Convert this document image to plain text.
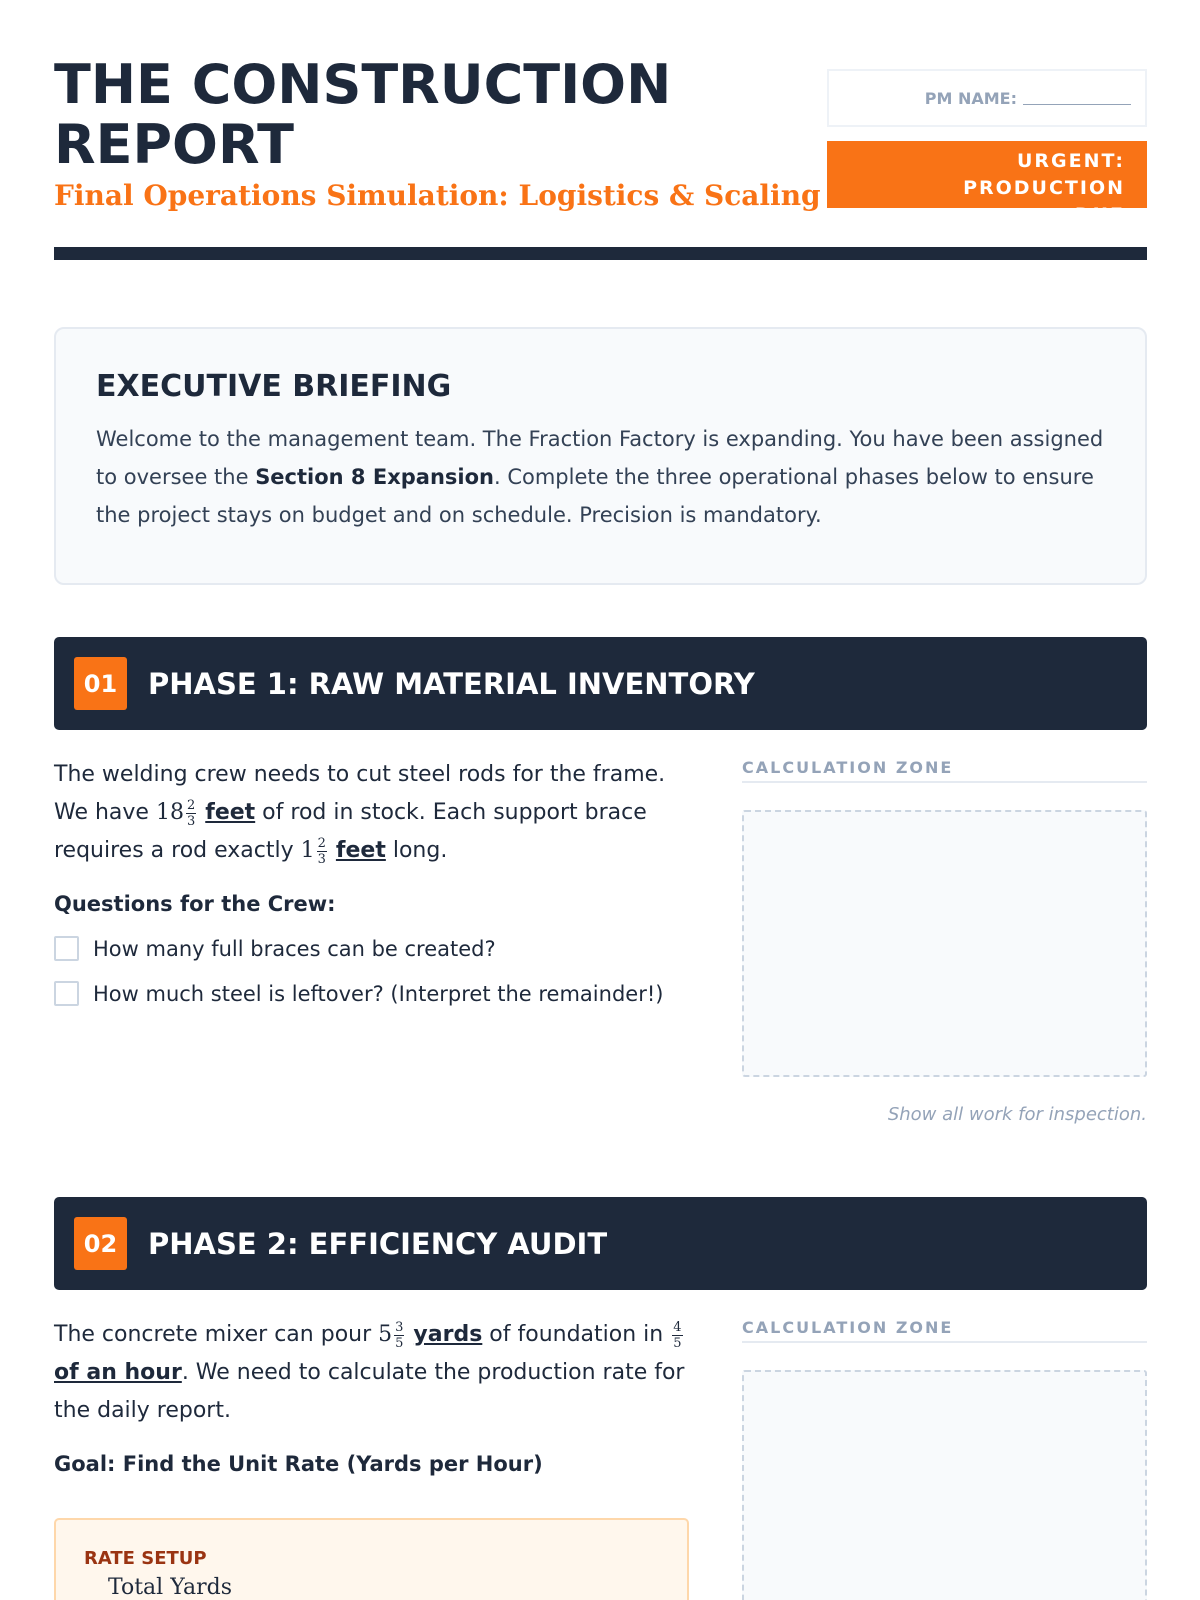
THE CONSTRUCTION
REPORT
Final Operations Simulation: Logistics & Scaling
PM NAME:
URGENT: PRODUCTION
DUE
EXECUTIVE BRIEFING

Welcome to the management team. The Fraction Factory is expanding. You have been assigned to oversee the Section 8 Expansion. Complete the three operational phases below to ensure the project stays on budget and on schedule. Precision is mandatory.

01	PHASE 1: RAW MATERIAL INVENTORY
The welding crew needs to cut steel rods for the frame. We have $18 \frac{2}{3}$ feet of rod in stock. Each support brace requires a rod exactly $1 \frac{2}{3}$ feet long.
Questions for the Crew:
How many full braces can be created?
How much steel is leftover? (Interpret the remainder!)
CALCULATION ZONE
Show all work for inspection.
02	PHASE 2: EFFICIENCY AUDIT
The concrete mixer can pour $5 \frac{3}{5}$ yards of foundation in $\frac{4}{5}$
of an hour. We need to calculate the production rate for the daily report.
Goal: Find the Unit Rate (Yards per Hour)
RATE SETUP
Total Yards
CALCULATION ZONE
